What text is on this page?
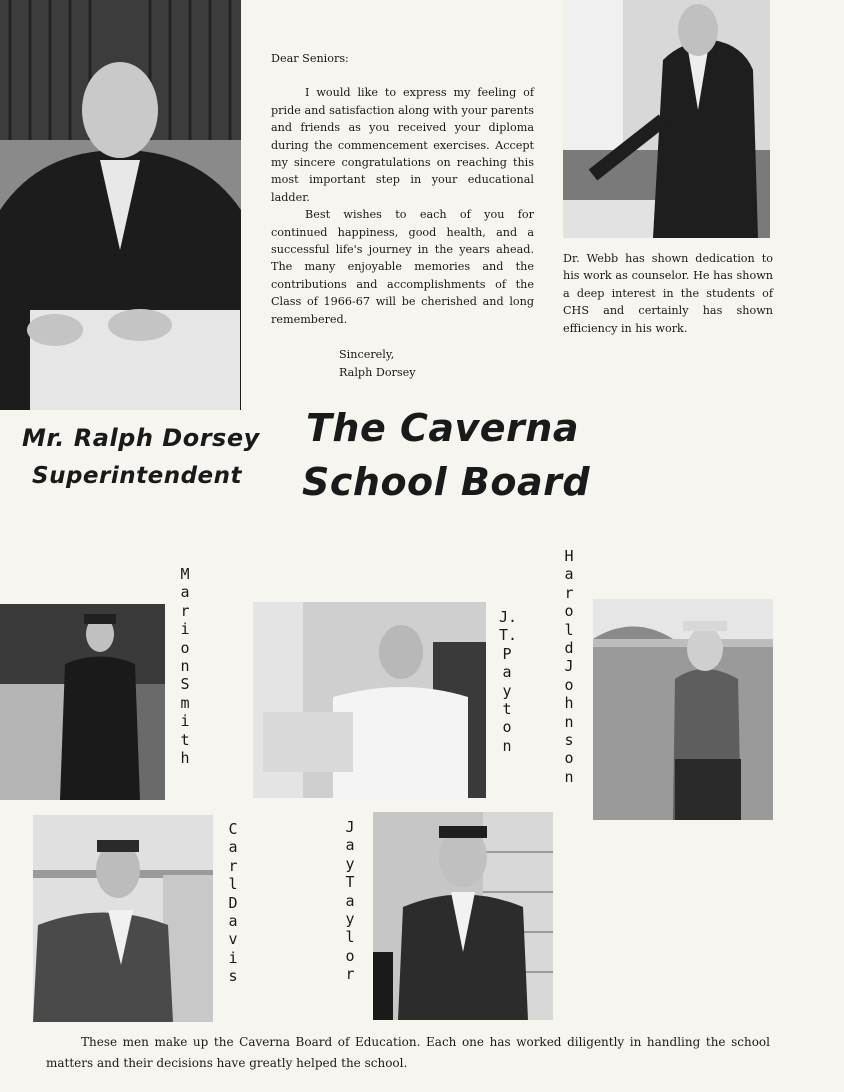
Dear Seniors:

I would like to express my feeling of pride and satisfaction along with your parents and friends as you received your diploma during the commencement exercises. Accept my sincere congratulations on reaching this most important step in your educational ladder.

Best wishes to each of you for continued happiness, good health, and a successful life's journey in the years ahead. The many enjoyable memories and the contributions and accomplishments of the Class of 1966-67 will be cherished and long remembered.

Sincerely,

Ralph Dorsey

Dr. Webb has shown dedication to his work as counselor. He has shown a deep interest in the students of CHS and certainly has shown efficiency in his work.
Mr. Ralph Dorsey
Superintendent
The Caverna
School Board
Marion Smith
J. T. Payton
Harold Johnson
Carl Davis
Jay Taylor
These men make up the Caverna Board of Education. Each one has worked diligently in handling the school matters and their decisions have greatly helped the school.
